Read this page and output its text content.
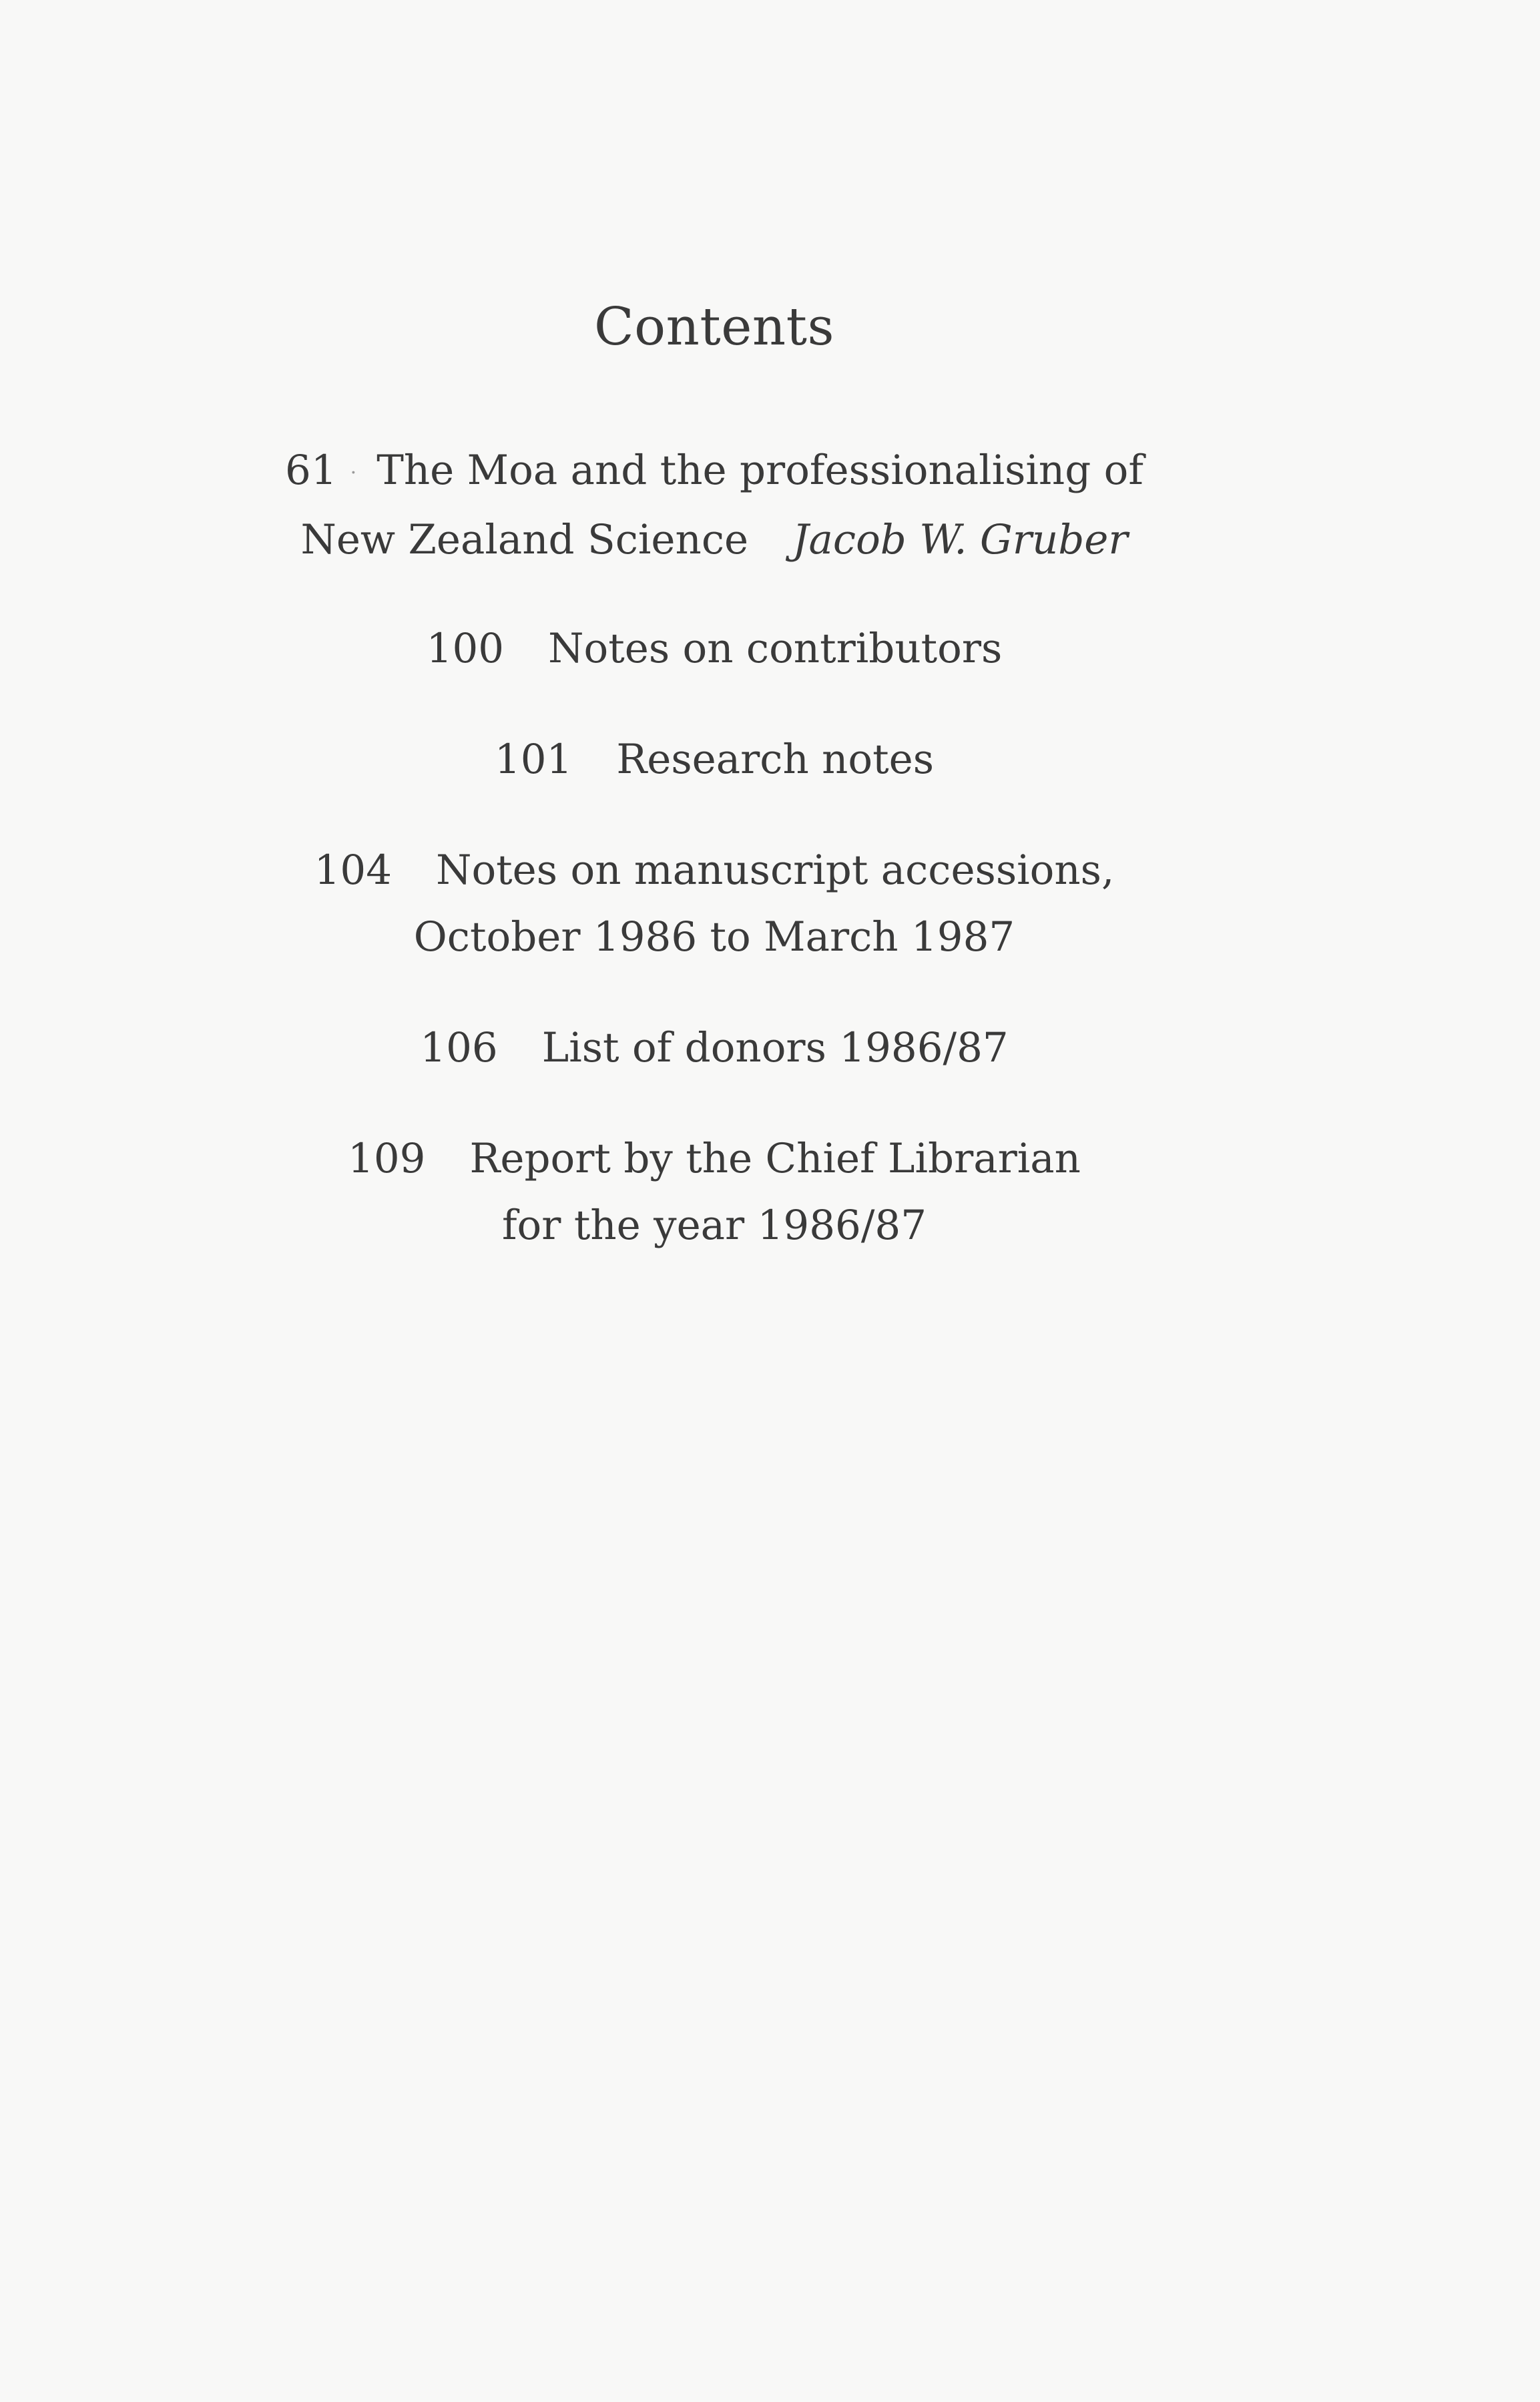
Contents
61 · The Moa and the professionalising of
New Zealand Science Jacob W. Gruber
100 Notes on contributors
101 Research notes
104 Notes on manuscript accessions,
October 1986 to March 1987
106 List of donors 1986/87
109 Report by the Chief Librarian
for the year 1986/87
